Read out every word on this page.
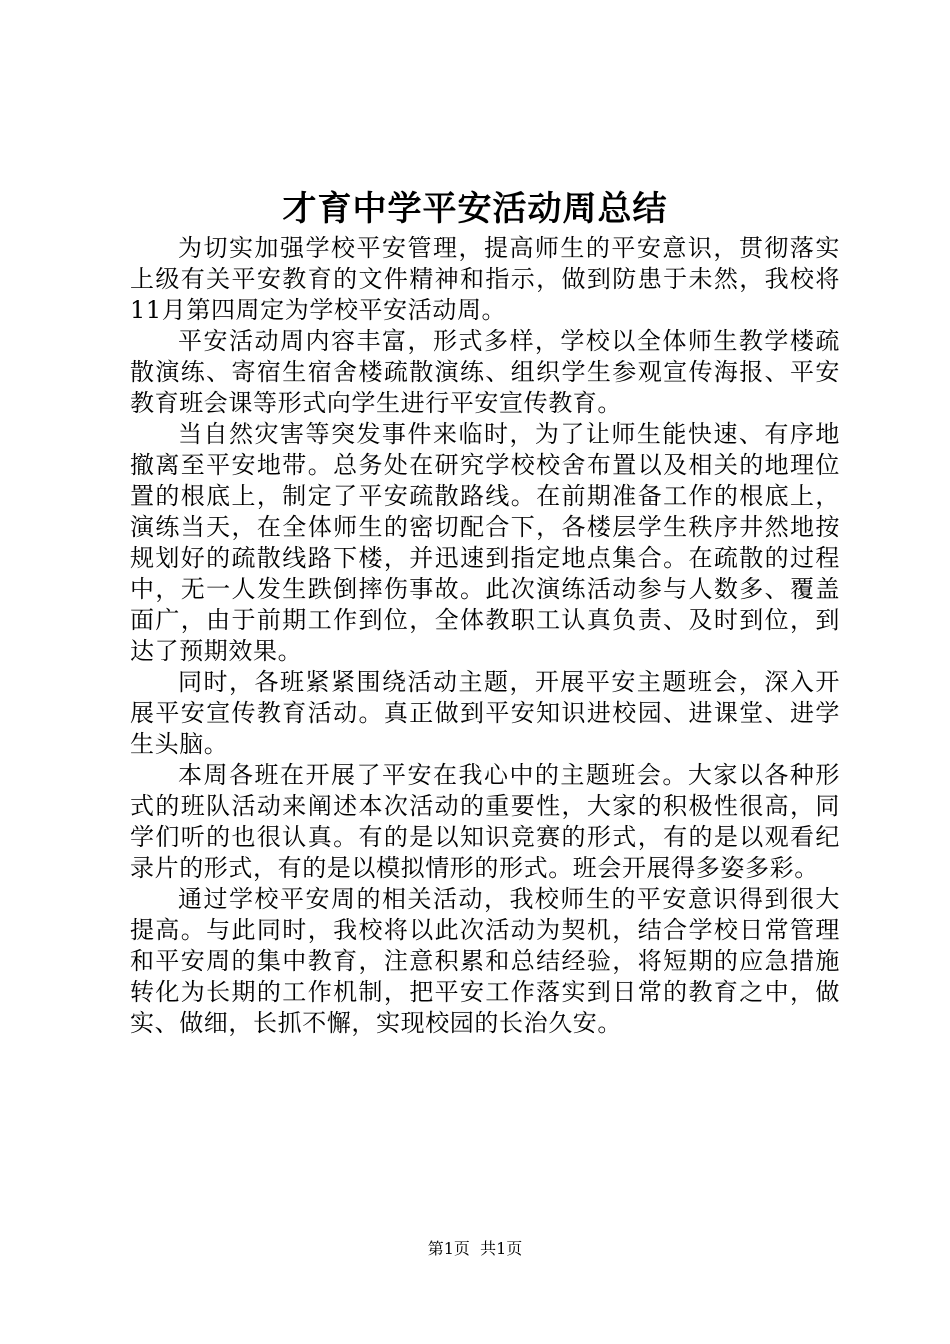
才育中学平安活动周总结

为切实加强学校平安管理，提高师生的平安意识，贯彻落实上级有关平安教育的文件精神和指示，做到防患于未然，我校将11月第四周定为学校平安活动周。

平安活动周内容丰富，形式多样，学校以全体师生教学楼疏散演练、寄宿生宿舍楼疏散演练、组织学生参观宣传海报、平安教育班会课等形式向学生进行平安宣传教育。

当自然灾害等突发事件来临时，为了让师生能快速、有序地撤离至平安地带。总务处在研究学校校舍布置以及相关的地理位置的根底上，制定了平安疏散路线。在前期准备工作的根底上，演练当天，在全体师生的密切配合下，各楼层学生秩序井然地按规划好的疏散线路下楼，并迅速到指定地点集合。在疏散的过程中，无一人发生跌倒摔伤事故。此次演练活动参与人数多、覆盖面广，由于前期工作到位，全体教职工认真负责、及时到位，到达了预期效果。

同时，各班紧紧围绕活动主题，开展平安主题班会，深入开展平安宣传教育活动。真正做到平安知识进校园、进课堂、进学生头脑。

本周各班在开展了平安在我心中的主题班会。大家以各种形式的班队活动来阐述本次活动的重要性，大家的积极性很高，同学们听的也很认真。有的是以知识竞赛的形式，有的是以观看纪录片的形式，有的是以模拟情形的形式。班会开展得多姿多彩。

通过学校平安周的相关活动，我校师生的平安意识得到很大提高。与此同时，我校将以此次活动为契机，结合学校日常管理和平安周的集中教育，注意积累和总结经验，将短期的应急措施转化为长期的工作机制，把平安工作落实到日常的教育之中，做实、做细，长抓不懈，实现校园的长治久安。

第1页 共1页
